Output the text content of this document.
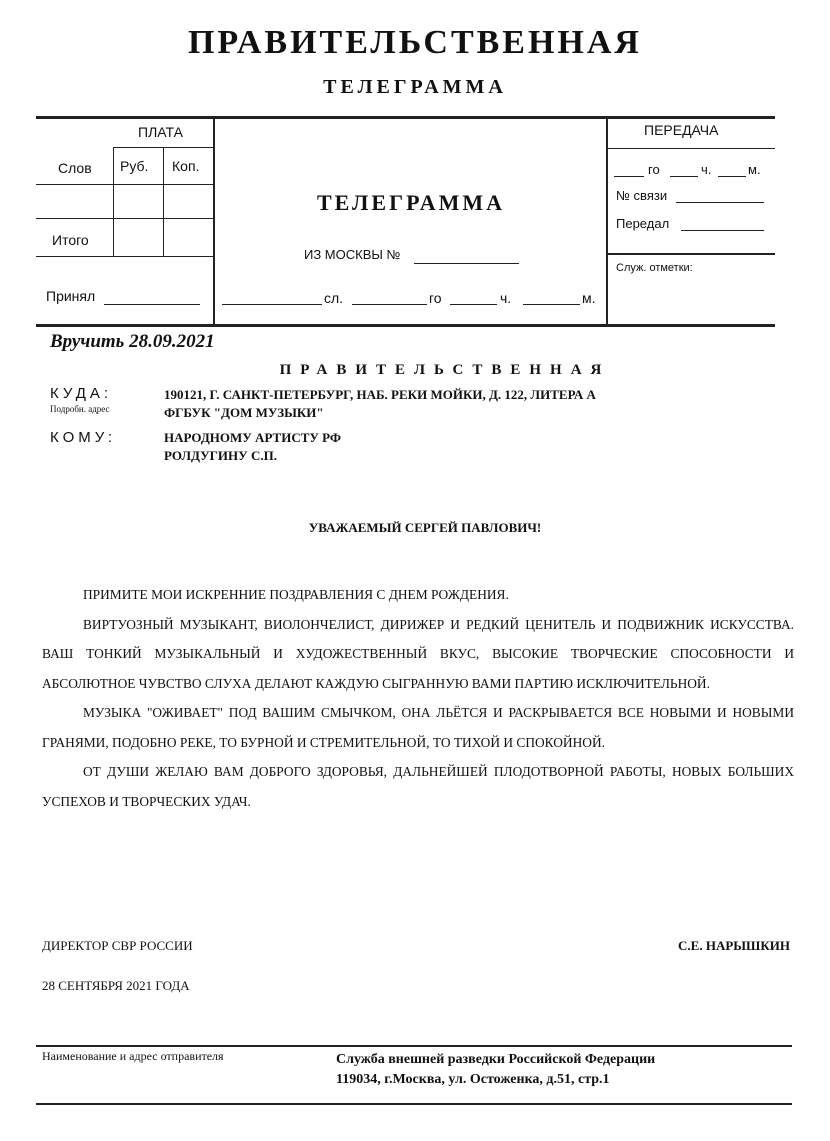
ПРАВИТЕЛЬСТВЕННАЯ
ТЕЛЕГРАММА
ПЛАТА
Слов Руб. Коп.
Итого
Принял
ТЕЛЕГРАММА
ИЗ МОСКВЫ №
сл.	го	ч.	м.
ПЕРЕДАЧА
го	ч.	м.
№ связи
Передал
Служ. отметки:
Вручить 28.09.2021
ПРАВИТЕЛЬСТВЕННАЯ
КУДА:
Подробн. адрес
190121, Г. САНКТ-ПЕТЕРБУРГ, НАБ. РЕКИ МОЙКИ, Д. 122, ЛИТЕРА А
ФГБУК "ДОМ МУЗЫКИ"
КОМУ:	НАРОДНОМУ АРТИСТУ РФ
РОЛДУГИНУ С.П.
УВАЖАЕМЫЙ СЕРГЕЙ ПАВЛОВИЧ!

ПРИМИТЕ МОИ ИСКРЕННИЕ ПОЗДРАВЛЕНИЯ С ДНЕМ РОЖДЕНИЯ.

ВИРТУОЗНЫЙ МУЗЫКАНТ, ВИОЛОНЧЕЛИСТ, ДИРИЖЕР И РЕДКИЙ ЦЕНИТЕЛЬ И ПОДВИЖНИК ИСКУССТВА. ВАШ ТОНКИЙ МУЗЫКАЛЬНЫЙ И ХУДОЖЕСТВЕННЫЙ ВКУС, ВЫСОКИЕ ТВОРЧЕСКИЕ СПОСОБНОСТИ И АБСОЛЮТНОЕ ЧУВСТВО СЛУХА ДЕЛАЮТ КАЖДУЮ СЫГРАННУЮ ВАМИ ПАРТИЮ ИСКЛЮЧИТЕЛЬНОЙ.

МУЗЫКА "ОЖИВАЕТ" ПОД ВАШИМ СМЫЧКОМ, ОНА ЛЬЁТСЯ И РАСКРЫВАЕТСЯ ВСЕ НОВЫМИ И НОВЫМИ ГРАНЯМИ, ПОДОБНО РЕКЕ, ТО БУРНОЙ И СТРЕМИТЕЛЬНОЙ, ТО ТИХОЙ И СПОКОЙНОЙ.

ОТ ДУШИ ЖЕЛАЮ ВАМ ДОБРОГО ЗДОРОВЬЯ, ДАЛЬНЕЙШЕЙ ПЛОДОТВОРНОЙ РАБОТЫ, НОВЫХ БОЛЬШИХ УСПЕХОВ И ТВОРЧЕСКИХ УДАЧ.

ДИРЕКТОР СВР РОССИИ	С.Е. НАРЫШКИН
28 СЕНТЯБРЯ 2021 ГОДА
Наименование и адрес отправителя	Служба внешней разведки Российской Федерации
119034, г.Москва, ул. Остоженка, д.51, стр.1
